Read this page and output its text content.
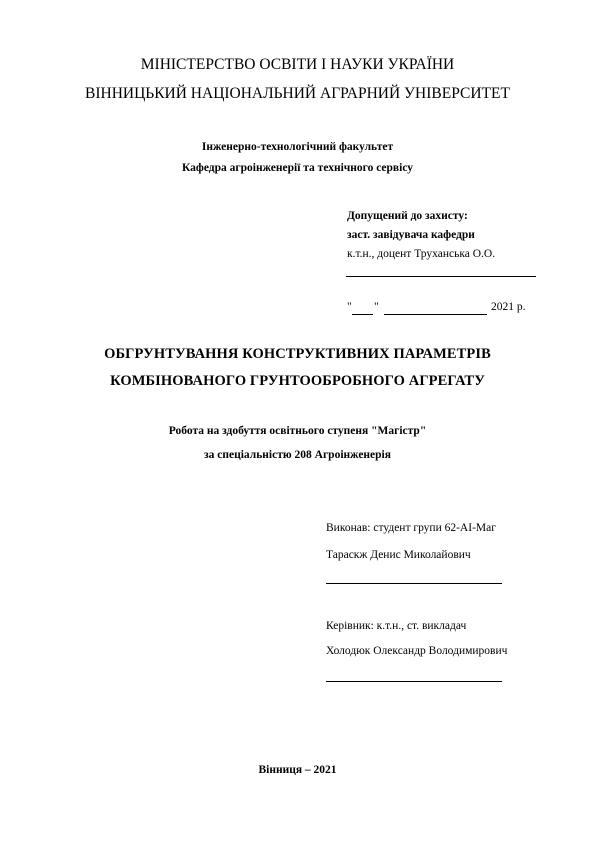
МІНІСТЕРСТВО ОСВІТИ І НАУКИ УКРАЇНИ
ВІННИЦЬКИЙ НАЦІОНАЛЬНИЙ АГРАРНИЙ УНІВЕРСИТЕТ
Інженерно-технологічний факультет
Кафедра агроінженерії та технічного сервісу
Допущений до захисту:
заст. завідувача кафедри
к.т.н., доцент Труханська О.О.
" "	2021 р.
ОБГРУНТУВАННЯ КОНСТРУКТИВНИХ ПАРАМЕТРІВ
КОМБІНОВАНОГО ГРУНТООБРОБНОГО АГРЕГАТУ
Робота на здобуття освітнього ступеня "Магістр"
за спеціальністю 208 Агроінженерія
Виконав: студент групи 62-АІ-Маг
Тараскж Денис Миколайович
Керівник: к.т.н., ст. викладач
Холодюк Олександр Володимирович
Вінниця – 2021
